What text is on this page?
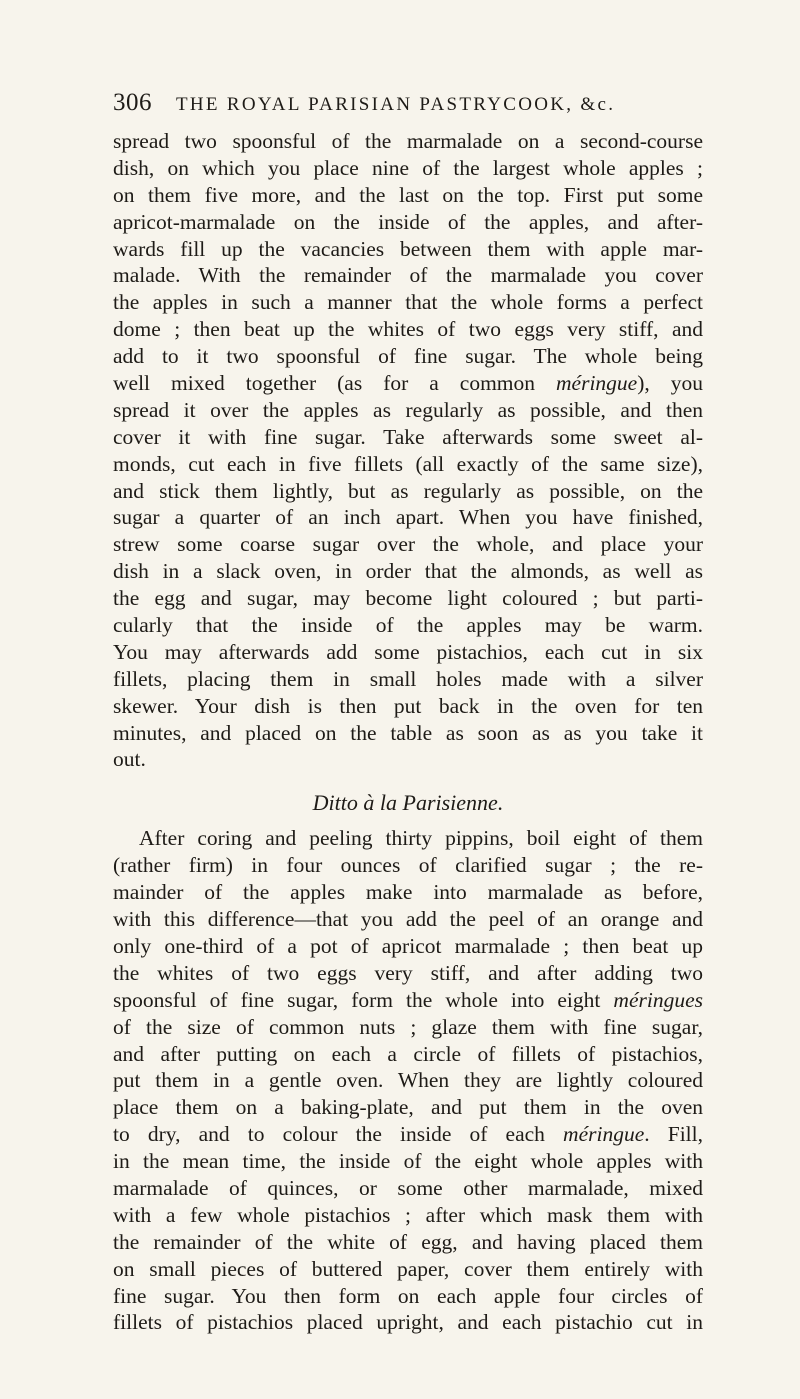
306 THE ROYAL PARISIAN PASTRYCOOK, &c.
spread two spoonsful of the marmalade on a second-course
dish, on which you place nine of the largest whole apples ;
on them five more, and the last on the top. First put some
apricot-marmalade on the inside of the apples, and after-
wards fill up the vacancies between them with apple mar-
malade. With the remainder of the marmalade you cover
the apples in such a manner that the whole forms a perfect
dome ; then beat up the whites of two eggs very stiff, and
add to it two spoonsful of fine sugar. The whole being
well mixed together (as for a common méringue), you
spread it over the apples as regularly as possible, and then
cover it with fine sugar. Take afterwards some sweet al-
monds, cut each in five fillets (all exactly of the same size),
and stick them lightly, but as regularly as possible, on the
sugar a quarter of an inch apart. When you have finished,
strew some coarse sugar over the whole, and place your
dish in a slack oven, in order that the almonds, as well as
the egg and sugar, may become light coloured ; but parti-
cularly that the inside of the apples may be warm.
You may afterwards add some pistachios, each cut in six
fillets, placing them in small holes made with a silver
skewer. Your dish is then put back in the oven for ten
minutes, and placed on the table as soon as as you take it
out.
Ditto à la Parisienne.
After coring and peeling thirty pippins, boil eight of them
(rather firm) in four ounces of clarified sugar ; the re-
mainder of the apples make into marmalade as before,
with this difference—that you add the peel of an orange and
only one-third of a pot of apricot marmalade ; then beat up
the whites of two eggs very stiff, and after adding two
spoonsful of fine sugar, form the whole into eight méringues
of the size of common nuts ; glaze them with fine sugar,
and after putting on each a circle of fillets of pistachios,
put them in a gentle oven. When they are lightly coloured
place them on a baking-plate, and put them in the oven
to dry, and to colour the inside of each méringue. Fill,
in the mean time, the inside of the eight whole apples with
marmalade of quinces, or some other marmalade, mixed
with a few whole pistachios ; after which mask them with
the remainder of the white of egg, and having placed them
on small pieces of buttered paper, cover them entirely with
fine sugar. You then form on each apple four circles of
fillets of pistachios placed upright, and each pistachio cut in
